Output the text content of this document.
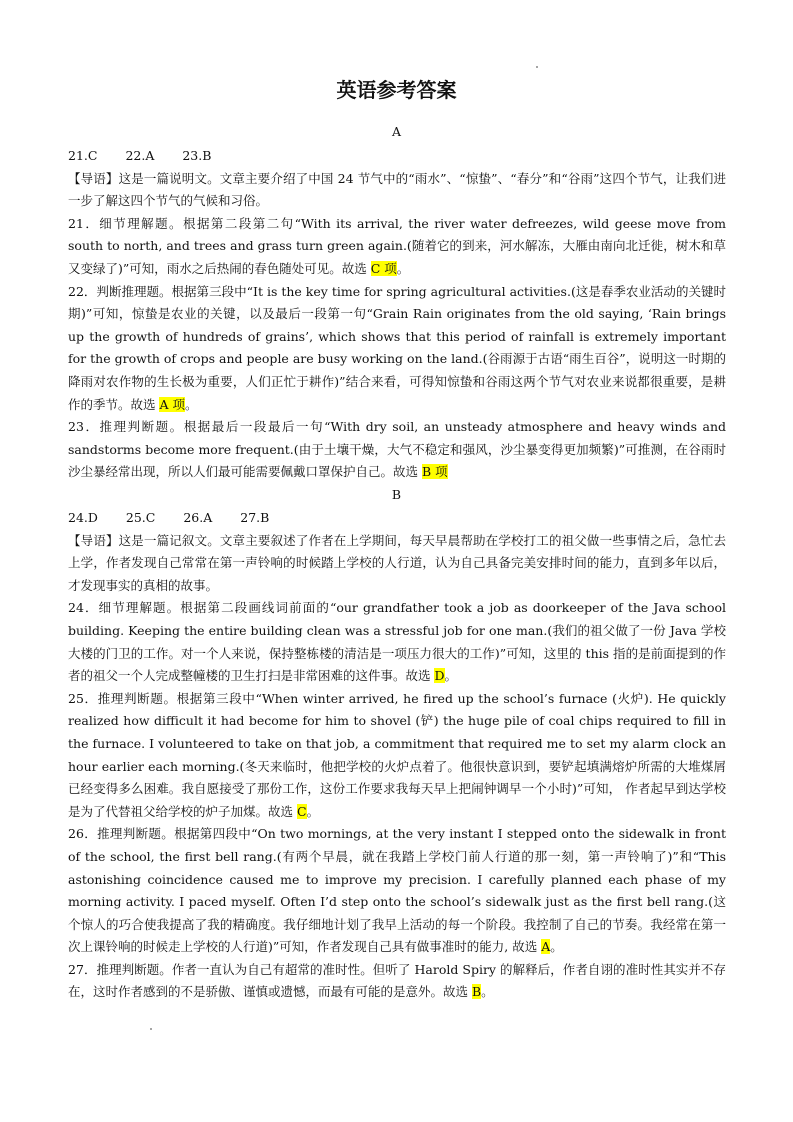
英语参考答案
A

21.C 22.A 23.B

【导语】这是一篇说明文。文章主要介绍了中国 24 节气中的“雨水”、“惊蛰”、“春分”和“谷雨”这四个节气，让我们进一步了解这四个节气的气候和习俗。

21．细节理解题。根据第二段第二句“With its arrival, the river water defreezes, wild geese move from south to north, and trees and grass turn green again.(随着它的到来，河水解冻，大雁由南向北迁徙，树木和草又变绿了)”可知，雨水之后热闹的春色随处可见。故选 C 项。

22．判断推理题。根据第三段中“It is the key time for spring agricultural activities.(这是春季农业活动的关键时期)”可知，惊蛰是农业的关键，以及最后一段第一句“Grain Rain originates from the old saying, ‘Rain brings up the growth of hundreds of grains’, which shows that this period of rainfall is extremely important for the growth of crops and people are busy working on the land.(谷雨源于古语“雨生百谷”，说明这一时期的降雨对农作物的生长极为重要，人们正忙于耕作)”结合来看，可得知惊蛰和谷雨这两个节气对农业来说都很重要，是耕作的季节。故选 A 项。

23．推理判断题。根据最后一段最后一句“With dry soil, an unsteady atmosphere and heavy winds and sandstorms become more frequent.(由于土壤干燥，大气不稳定和强风，沙尘暴变得更加频繁)”可推测，在谷雨时沙尘暴经常出现，所以人们最可能需要佩戴口罩保护自己。故选 B 项

B

24.D 25.C 26.A 27.B

【导语】这是一篇记叙文。文章主要叙述了作者在上学期间，每天早晨帮助在学校打工的祖父做一些事情之后，急忙去上学，作者发现自己常常在第一声铃响的时候踏上学校的人行道，认为自己具备完美安排时间的能力，直到多年以后，才发现事实的真相的故事。

24．细节理解题。根据第二段画线词前面的“our grandfather took a job as doorkeeper of the Java school building. Keeping the entire building clean was a stressful job for one man.(我们的祖父做了一份 Java 学校大楼的门卫的工作。对一个人来说，保持整栋楼的清洁是一项压力很大的工作)”可知，这里的 this 指的是前面提到的作者的祖父一个人完成整幢楼的卫生打扫是非常困难的这件事。故选 D。

25．推理判断题。根据第三段中“When winter arrived, he fired up the school’s furnace (火炉). He quickly realized how difficult it had become for him to shovel (铲) the huge pile of coal chips required to fill in the furnace. I volunteered to take on that job, a commitment that required me to set my alarm clock an hour earlier each morning.(冬天来临时，他把学校的火炉点着了。他很快意识到，要铲起填满熔炉所需的大堆煤屑已经变得多么困难。我自愿接受了那份工作，这份工作要求我每天早上把闹钟调早一个小时)”可知， 作者起早到达学校是为了代替祖父给学校的炉子加煤。故选 C。

26．推理判断题。根据第四段中“On two mornings, at the very instant I stepped onto the sidewalk in front of the school, the first bell rang.(有两个早晨，就在我踏上学校门前人行道的那一刻，第一声铃响了)”和“This astonishing coincidence caused me to improve my precision. I carefully planned each phase of my morning activity. I paced myself. Often I’d step onto the school’s sidewalk just as the first bell rang.(这个惊人的巧合使我提高了我的精确度。我仔细地计划了我早上活动的每一个阶段。我控制了自己的节奏。我经常在第一次上课铃响的时候走上学校的人行道)”可知，作者发现自己具有做事准时的能力, 故选 A。

27．推理判断题。作者一直认为自己有超常的准时性。但听了 Harold Spiry 的解释后，作者自诩的准时性其实并不存在，这时作者感到的不是骄傲、谨慎或遗憾，而最有可能的是意外。故选 B。
